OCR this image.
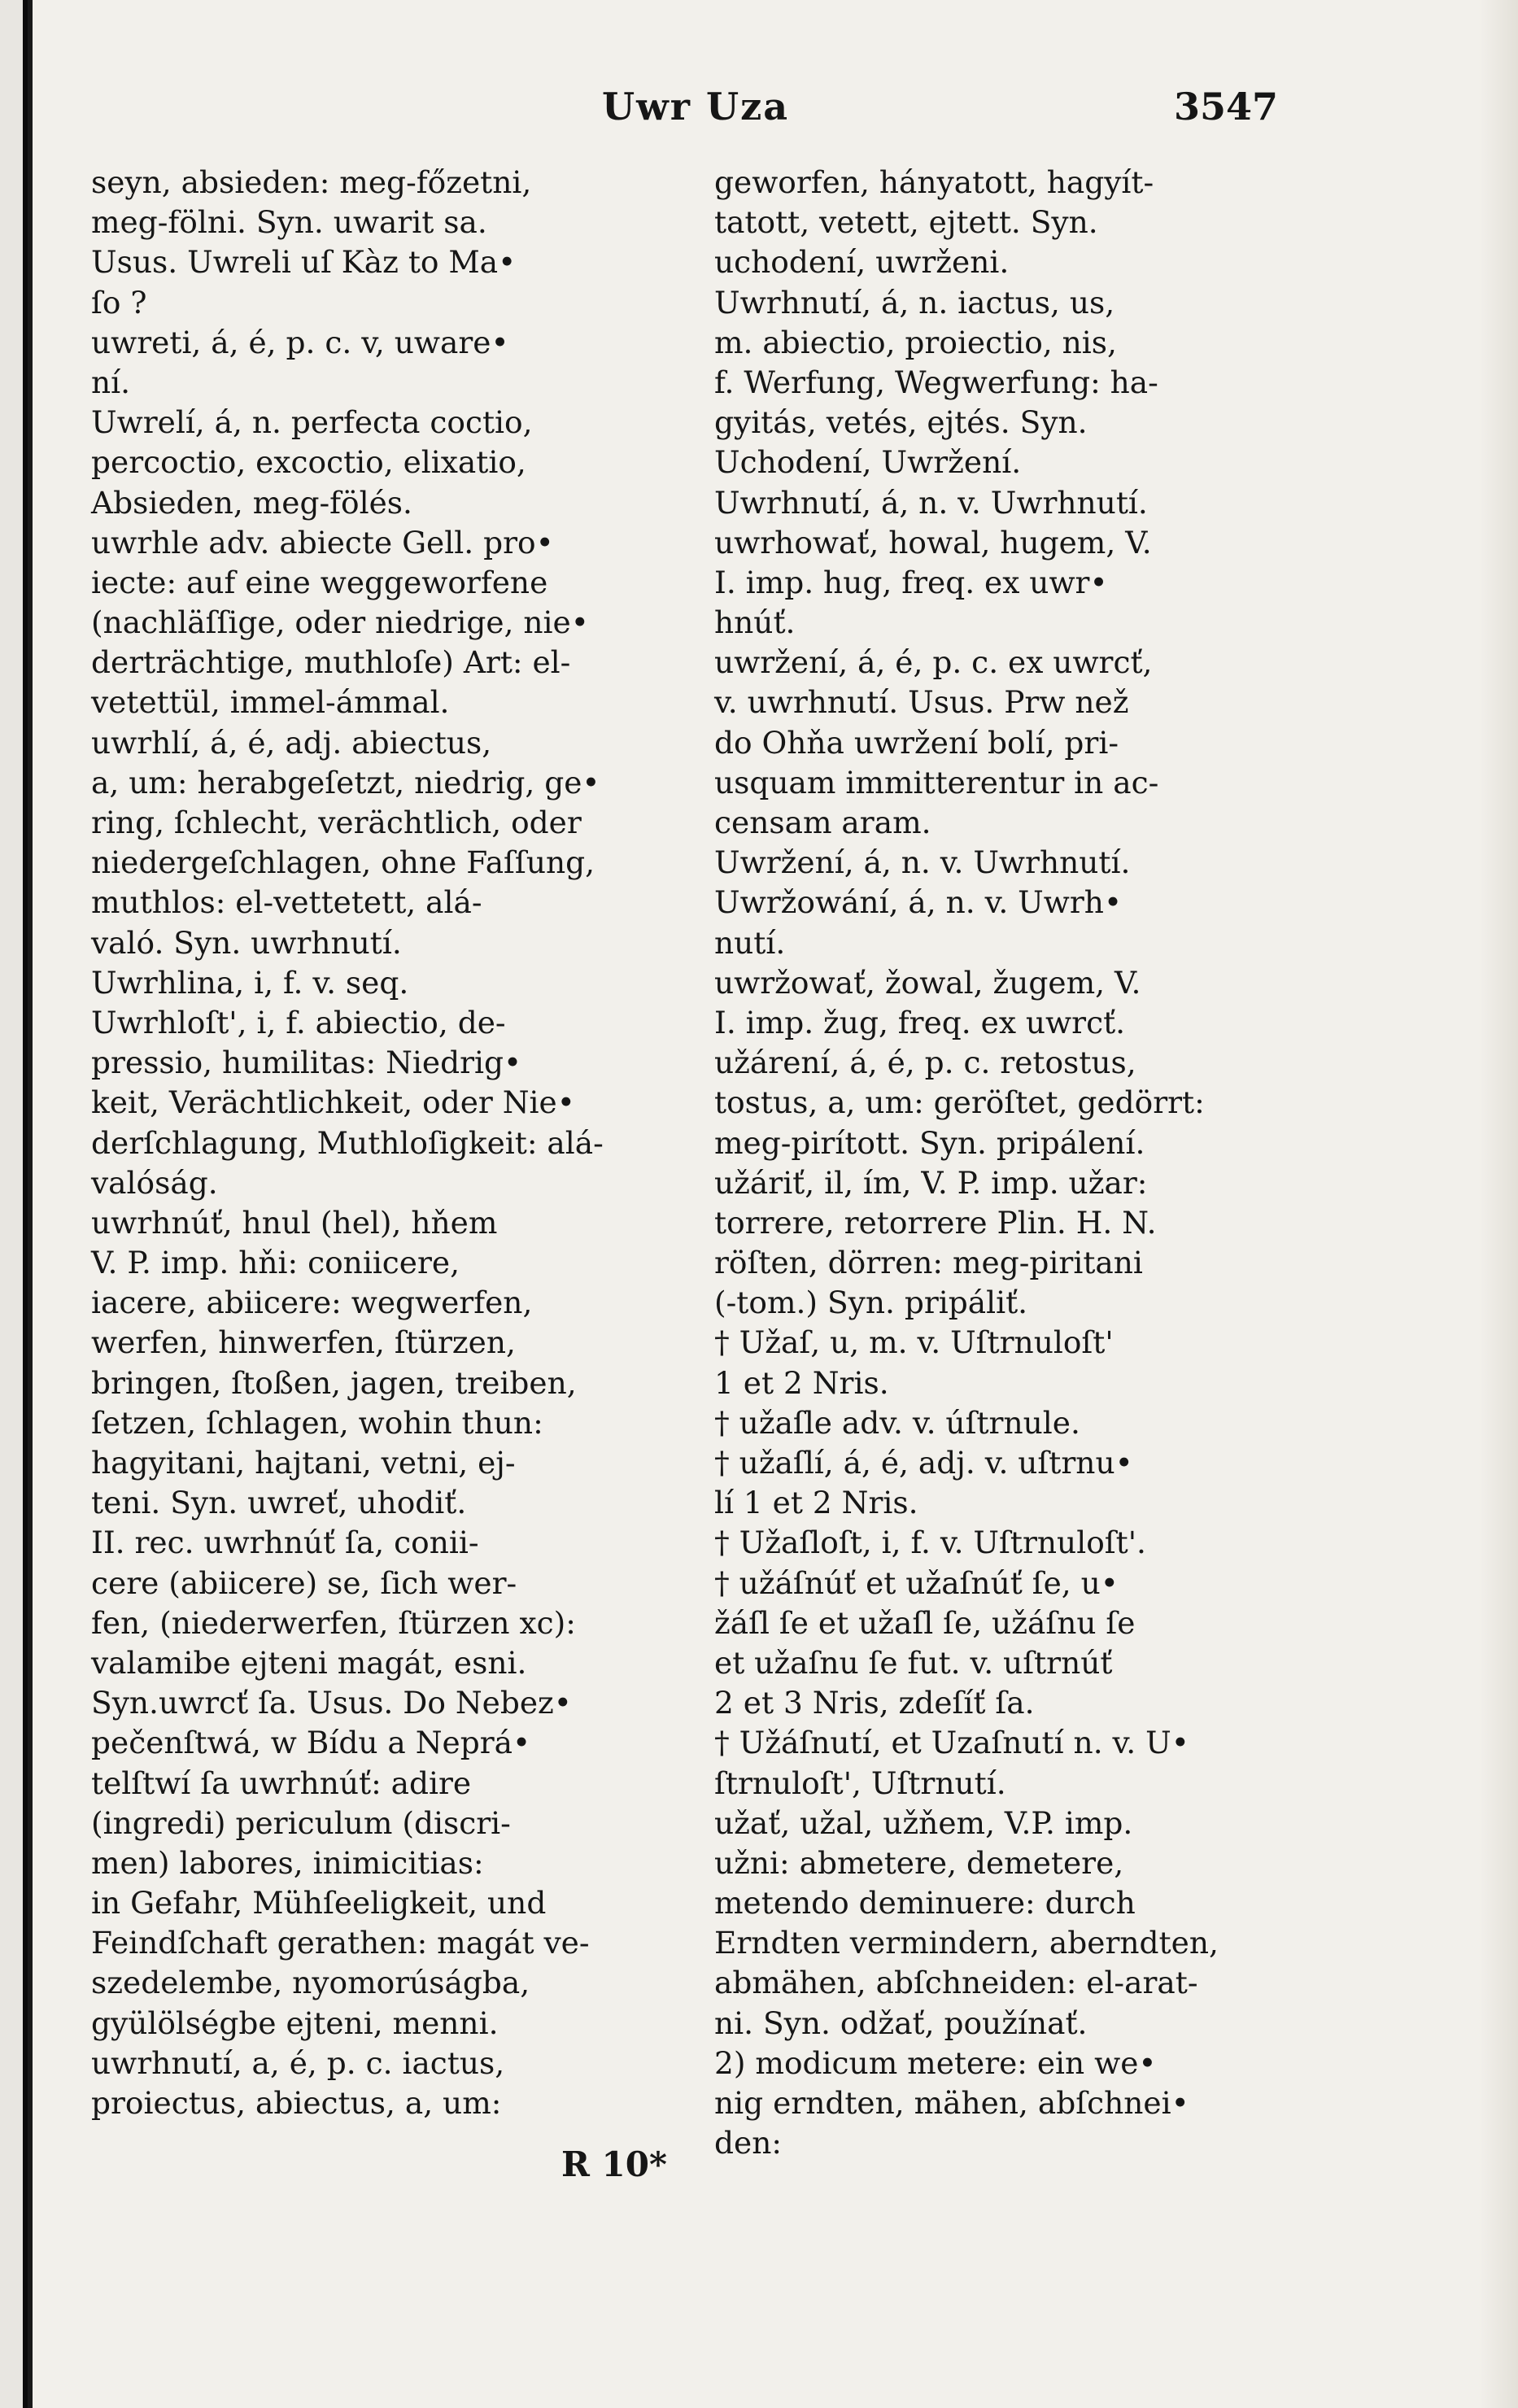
Uwr Uza	3547
seyn, absieden: meg-főzetni,
meg-fölni. Syn. uwarit sa.
Usus. Uwreli uſ Kàz to Ma•
ſo ?
uwreti, á, é, p. c. v, uware•
ní.
Uwrelí, á, n. perfecta coctio,
percoctio, excoctio, elixatio,
Absieden, meg-fölés.
uwrhle adv. abiecte Gell. pro•
iecte: auf eine weggeworfene
(nachläſſige, oder niedrige, nie•
derträchtige, muthloſe) Art: el-
vetettül, immel-ámmal.
uwrhlí, á, é, adj. abiectus,
a, um: herabgeſetzt, niedrig, ge•
ring, ſchlecht, verächtlich, oder
niedergeſchlagen, ohne Faſſung,
muthlos: el-vettetett, alá-
való. Syn. uwrhnutí.
Uwrhlina, i, f. v. seq.
Uwrhloſt', i, f. abiectio, de-
pressio, humilitas: Niedrig•
keit, Verächtlichkeit, oder Nie•
derſchlagung, Muthloſigkeit: alá-
valóság.
uwrhnúť, hnul (hel), hňem
V. P. imp. hňi: coniicere,
iacere, abiicere: wegwerfen,
werfen, hinwerfen, ſtürzen,
bringen, ſtoßen, jagen, treiben,
ſetzen, ſchlagen, wohin thun:
hagyitani, hajtani, vetni, ej-
teni. Syn. uwreť, uhodiť.
II. rec. uwrhnúť ſa, conii-
cere (abiicere) se, ſich wer-
fen, (niederwerfen, ſtürzen xc):
valamibe ejteni magát, esni.
Syn.uwrcť ſa. Usus. Do Nebez•
pečenſtwá, w Bídu a Neprá•
telſtwí ſa uwrhnúť: adire
(ingredi) periculum (discri-
men) labores, inimicitias:
in Gefahr, Mühſeeligkeit, und
Feindſchaft gerathen: magát ve-
szedelembe, nyomorúságba,
gyülölségbe ejteni, menni.
uwrhnutí, a, é, p. c. iactus,
proiectus, abiectus, a, um:
geworfen, hányatott, hagyít-
tatott, vetett, ejtett. Syn.
uchodení, uwrženi.
Uwrhnutí, á, n. iactus, us,
m. abiectio, proiectio, nis,
f. Werfung, Wegwerfung: ha-
gyitás, vetés, ejtés. Syn.
Uchodení, Uwržení.
Uwrhnutí, á, n. v. Uwrhnutí.
uwrhowať, howal, hugem, V.
I. imp. hug, freq. ex uwr•
hnúť.
uwržení, á, é, p. c. ex uwrcť,
v. uwrhnutí. Usus. Prw než
do Ohňa uwržení bolí, pri-
usquam immitterentur in ac-
censam aram.
Uwržení, á, n. v. Uwrhnutí.
Uwržowání, á, n. v. Uwrh•
nutí.
uwržowať, žowal, žugem, V.
I. imp. žug, freq. ex uwrcť.
užárení, á, é, p. c. retostus,
tostus, a, um: geröſtet, gedörrt:
meg-pirított. Syn. pripálení.
užáriť, il, ím, V. P. imp. užar:
torrere, retorrere Plin. H. N.
röſten, dörren: meg-piritani
(-tom.) Syn. pripáliť.
† Užaſ, u, m. v. Uſtrnuloſt'
1 et 2 Nris.
† užaſle adv. v. úſtrnule.
† užaſlí, á, é, adj. v. uſtrnu•
lí 1 et 2 Nris.
† Užaſloſt, i, f. v. Uſtrnuloſt'.
† užáſnúť et užaſnúť ſe, u•
žáſl ſe et užaſl ſe, užáſnu ſe
et užaſnu ſe fut. v. uſtrnúť
2 et 3 Nris, zdeſíť ſa.
† Užáſnutí, et Uzaſnutí n. v. U•
ſtrnuloſt', Uſtrnutí.
užať, užal, užňem, V.P. imp.
užni: abmetere, demetere,
metendo deminuere: durch
Erndten vermindern, aberndten,
abmähen, abſchneiden: el-arat-
ni. Syn. odžať, použínať.
2) modicum metere: ein we•
nig erndten, mähen, abſchnei•
den:
R 10*
